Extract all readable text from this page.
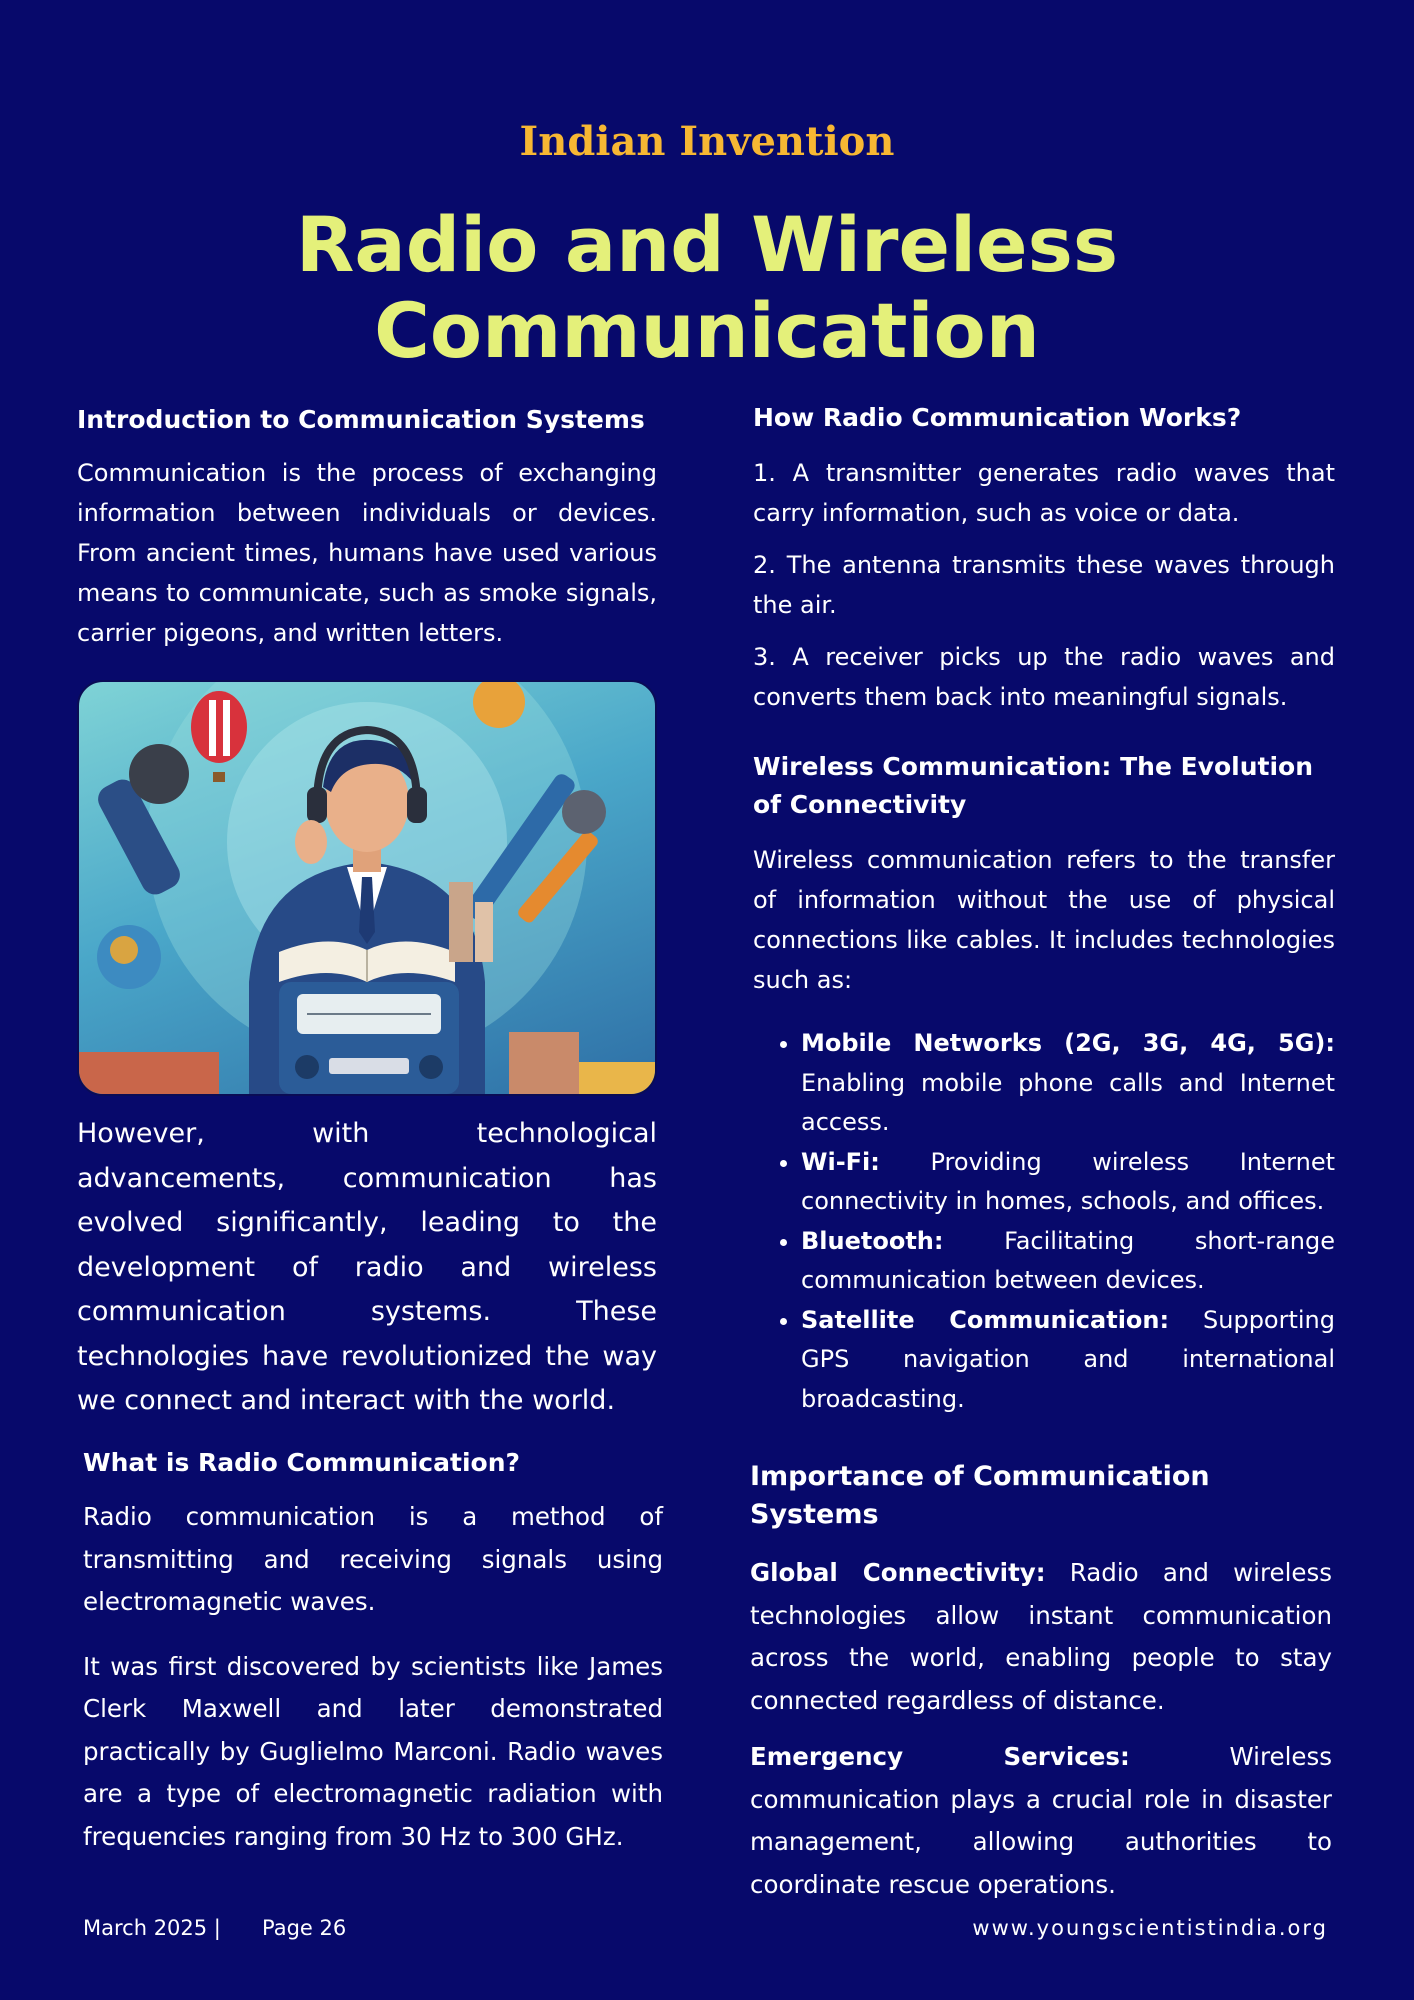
Indian Invention
Radio and Wireless
Communication
Introduction to Communication Systems

Communication is the process of exchanging information between individuals or devices. From ancient times, humans have used various means to communicate, such as smoke signals, carrier pigeons, and written letters.

However, with technological advancements, communication has evolved significantly, leading to the development of radio and wireless communication systems. These technologies have revolutionized the way we connect and interact with the world.

What is Radio Communication?

Radio communication is a method of transmitting and receiving signals using electromagnetic waves.

It was first discovered by scientists like James Clerk Maxwell and later demonstrated practically by Guglielmo Marconi. Radio waves are a type of electromagnetic radiation with frequencies ranging from 30 Hz to 300 GHz.

How Radio Communication Works?

1. A transmitter generates radio waves that carry information, such as voice or data.

2. The antenna transmits these waves through the air.

3. A receiver picks up the radio waves and converts them back into meaningful signals.

Wireless Communication: The Evolution of Connectivity

Wireless communication refers to the transfer of information without the use of physical connections like cables. It includes technologies such as:

• Mobile Networks (2G, 3G, 4G, 5G): Enabling mobile phone calls and Internet access.
• Wi-Fi: Providing wireless Internet connectivity in homes, schools, and offices.
• Bluetooth: Facilitating short-range communication between devices.
• Satellite Communication: Supporting GPS navigation and international broadcasting.
Importance of Communication Systems

Global Connectivity: Radio and wireless technologies allow instant communication across the world, enabling people to stay connected regardless of distance.

Emergency Services: Wireless communication plays a crucial role in disaster management, allowing authorities to coordinate rescue operations.

March 2025 | Page 26	www.youngscientistindia.org
